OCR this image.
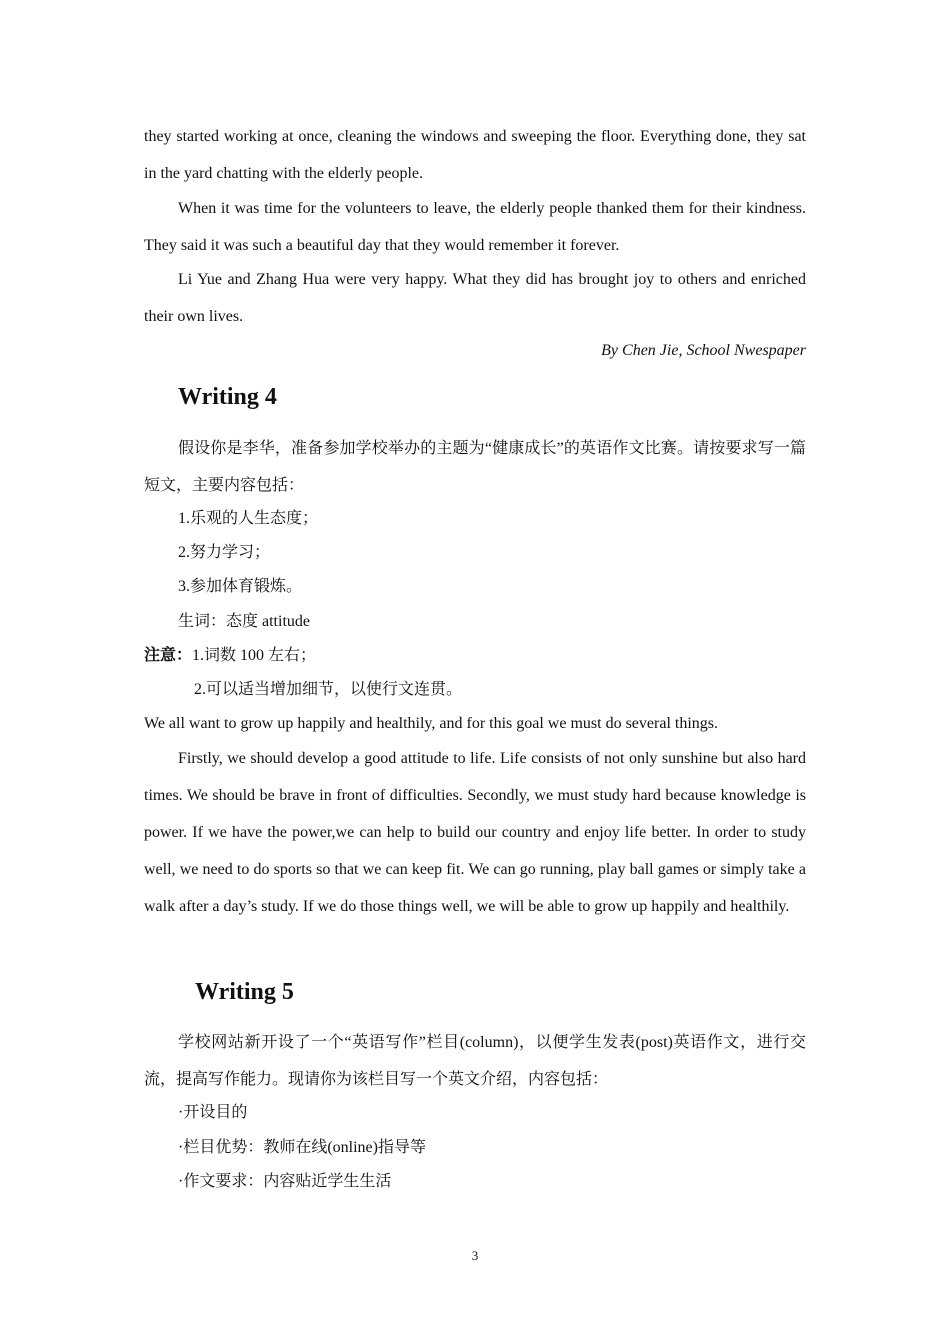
they started working at once, cleaning the windows and sweeping the floor. Everything done, they sat in the yard chatting with the elderly people.

When it was time for the volunteers to leave, the elderly people thanked them for their kindness. They said it was such a beautiful day that they would remember it forever.

Li Yue and Zhang Hua were very happy. What they did has brought joy to others and enriched their own lives.

By Chen Jie, School Nwespaper

Writing 4

假设你是李华，准备参加学校举办的主题为“健康成长”的英语作文比赛。请按要求写一篇短文，主要内容包括：

1.乐观的人生态度；

2.努力学习；

3.参加体育锻炼。

生词：态度 attitude

注意：1.词数 100 左右；

2.可以适当增加细节，以使行文连贯。

We all want to grow up happily and healthily, and for this goal we must do several things.

Firstly, we should develop a good attitude to life. Life consists of not only sunshine but also hard times. We should be brave in front of difficulties. Secondly, we must study hard because knowledge is power. If we have the power,we can help to build our country and enjoy life better. In order to study well, we need to do sports so that we can keep fit. We can go running, play ball games or simply take a walk after a day’s study. If we do those things well, we will be able to grow up happily and healthily.

Writing 5

学校网站新开设了一个“英语写作”栏目(column)，以便学生发表(post)英语作文，进行交流，提高写作能力。现请你为该栏目写一个英文介绍，内容包括：

·开设目的

·栏目优势：教师在线(online)指导等

·作文要求：内容贴近学生生活

3
